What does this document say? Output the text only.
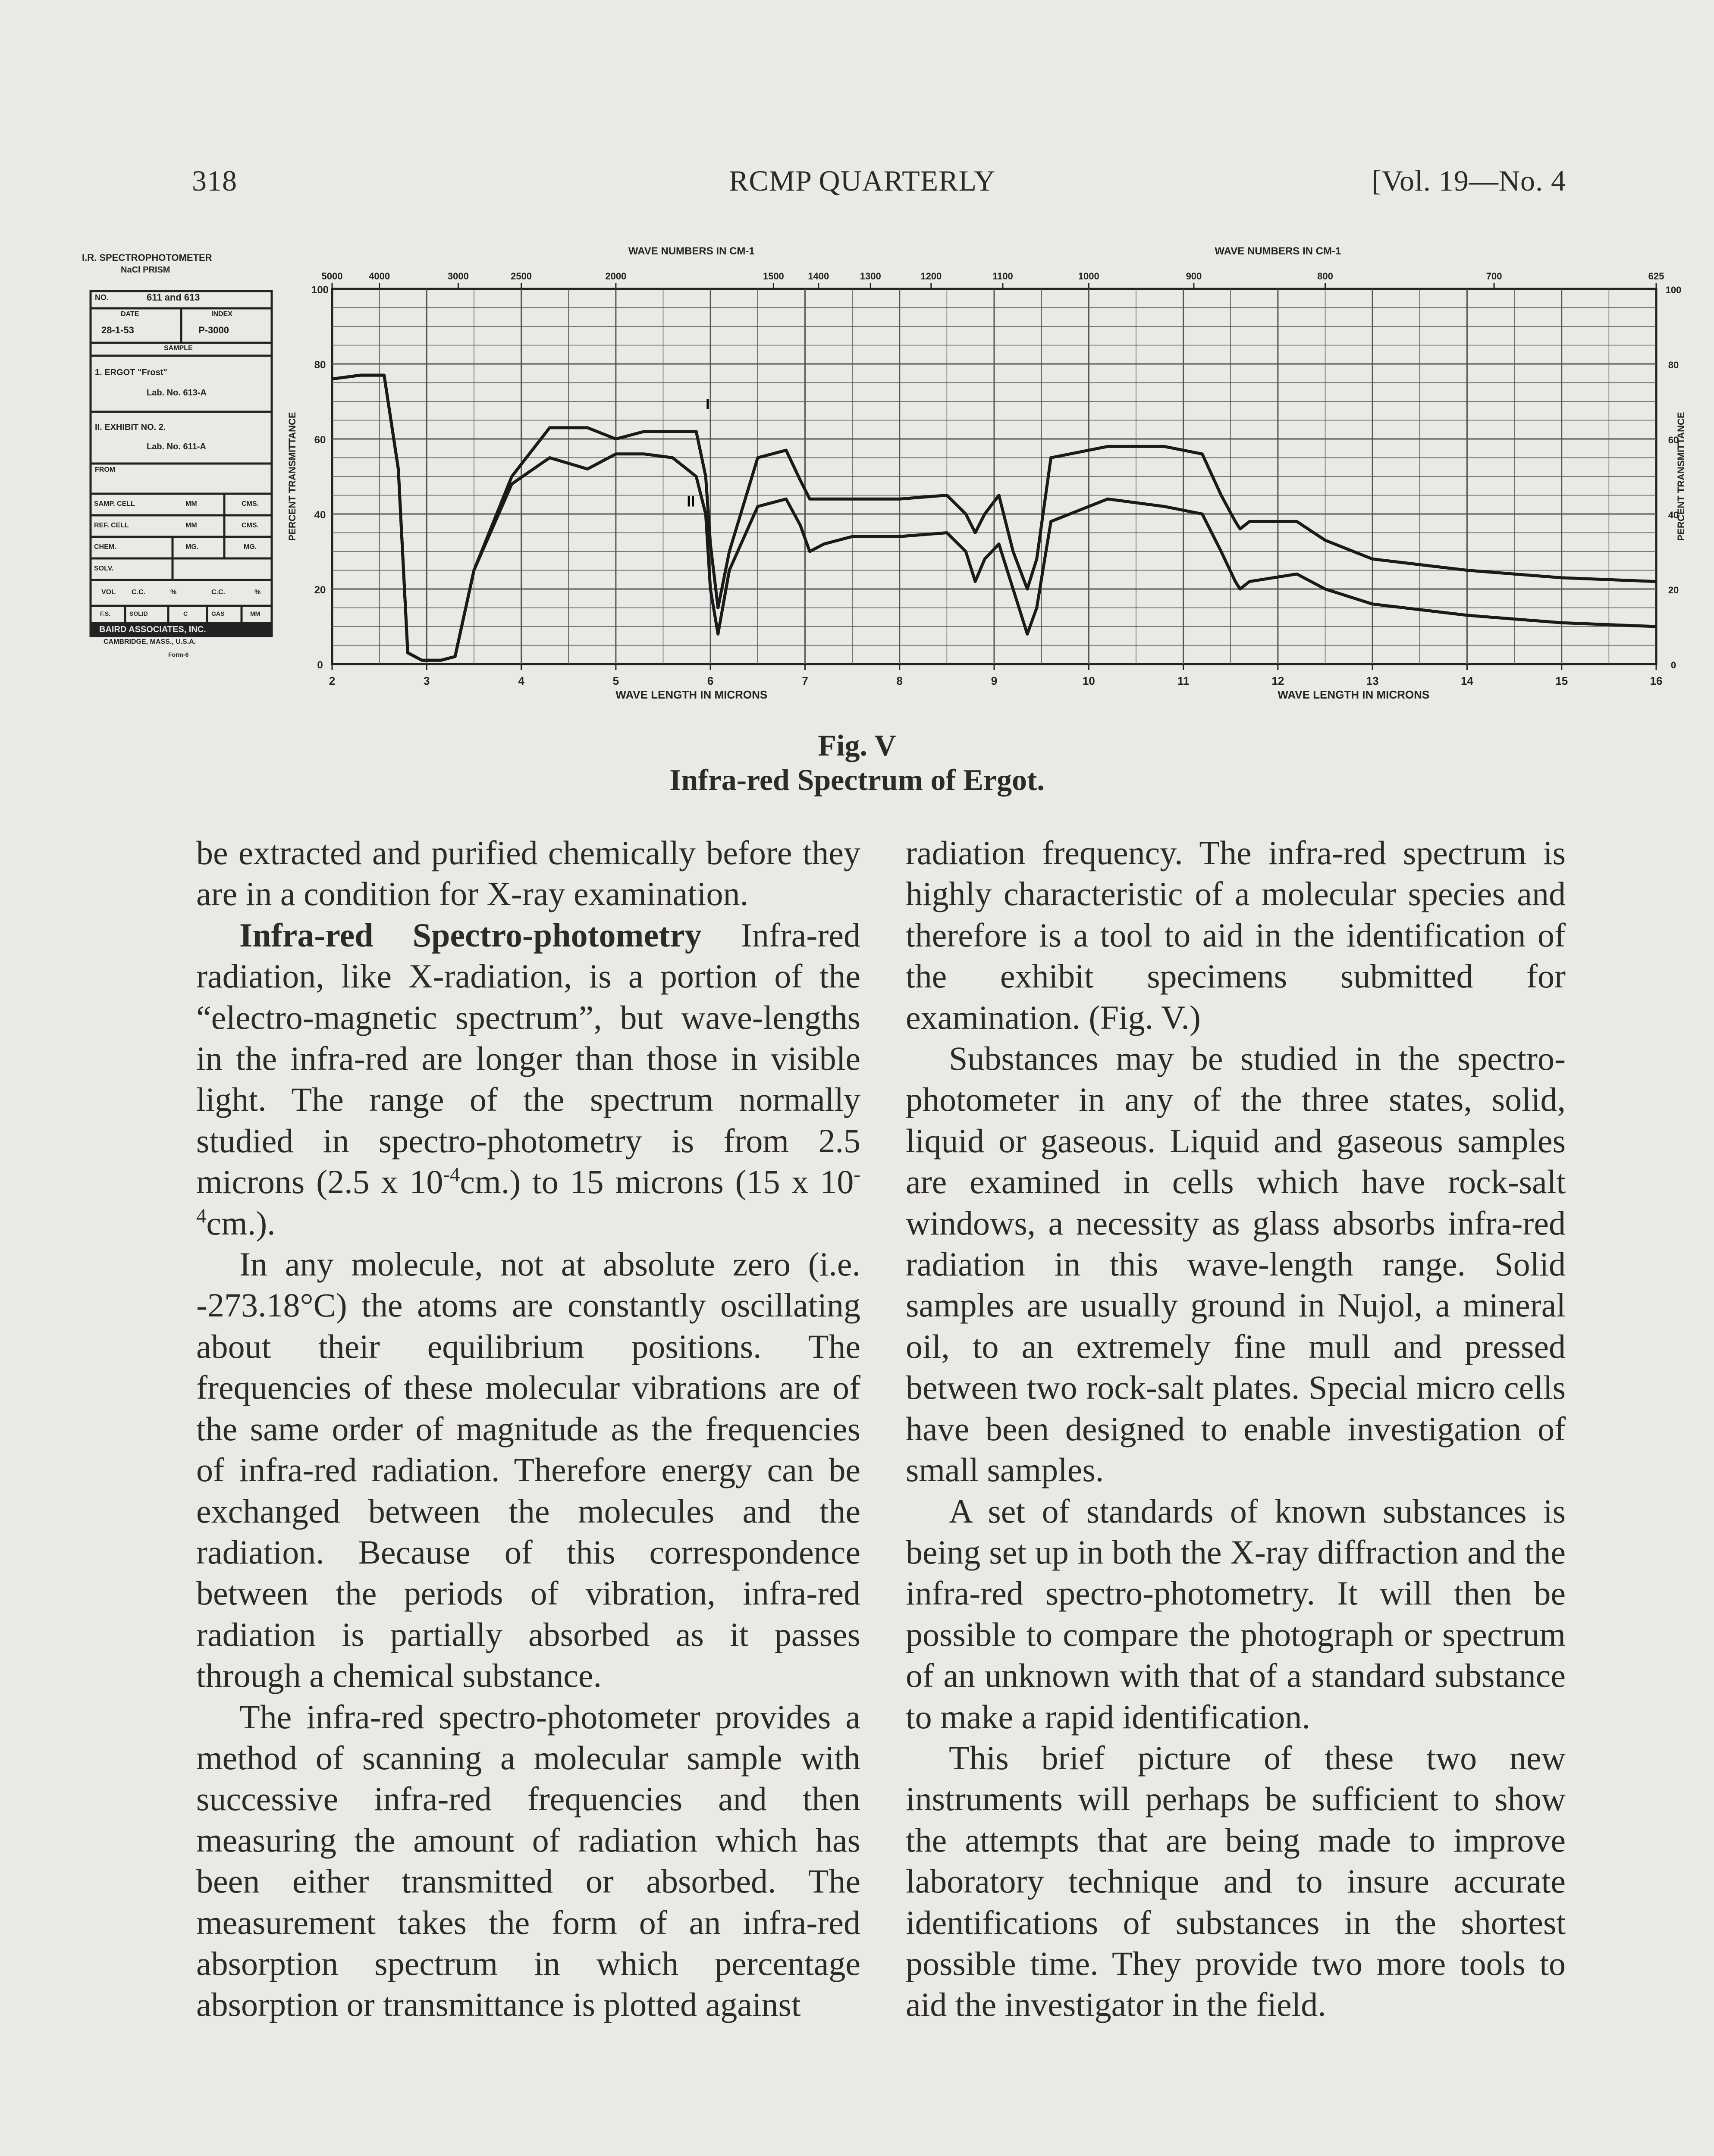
318	RCMP QUARTERLY	[Vol. 19—No. 4
I.R. SPECTROPHOTOMETER
NaCl PRISM
NO.	611 and 613
DATE	INDEX
28-1-53	P-3000
SAMPLE
1. ERGOT "Frost"
Lab. No. 613-A
II. EXHIBIT NO. 2.
Lab. No. 611-A
FROM
SAMP. CELL	MM	CMS.
REF. CELL	MM	CMS.
CHEM.	MG.	MG.
SOLV.
VOL C.C.	%	C.C.	%
F.S.	SOLID	C	GAS	MM
BAIRD ASSOCIATES, INC.
CAMBRIDGE, MASS., U.S.A.
Form-6
2	3	4	5	6	7	8	9	10	11	12	13	14	15	16
0	0
20	20
40	40
60	60
80	80
100	100
PERCENT TRANSMITTANCE	PERCENT TRANSMITTANCE
WAVE LENGTH IN MICRONS	WAVE LENGTH IN MICRONS
WAVE NUMBERS IN CM-1	WAVE NUMBERS IN CM-1
5000	4000	3000	2500	2000	1500	1400	1300	1200	1100	1000	900	800	700	625
I
II
Fig. V
Infra-red Spectrum of Ergot.

be extracted and purified chemically before they are in a condition for X-ray examination.

Infra-red Spectro-photometry Infra-red radiation, like X-radiation, is a portion of the “electro-magnetic spectrum”, but wave-lengths in the infra-red are longer than those in visible light. The range of the spectrum normally studied in spectro-photometry is from 2.5 microns (2.5 x $10^{-4}cm$.) to 15 microns (15 x $10^{-4}cm$.).

In any molecule, not at absolute zero (i.e. -273.18°C) the atoms are constantly oscillating about their equilibrium positions. The frequencies of these molecular vibrations are of the same order of magnitude as the frequencies of infra-red radiation. Therefore energy can be exchanged between the molecules and the radiation. Because of this correspondence between the periods of vibration, infra-red radiation is partially absorbed as it passes through a chemical substance.

The infra-red spectro-photometer provides a method of scanning a molecular sample with successive infra-red frequencies and then measuring the amount of radiation which has been either transmitted or absorbed. The measurement takes the form of an infra-red absorption spectrum in which percentage absorption or transmittance is plotted against

radiation frequency. The infra-red spectrum is highly characteristic of a molecular species and therefore is a tool to aid in the identification of the exhibit specimens submitted for examination. (Fig. V.)

Substances may be studied in the spectro-photometer in any of the three states, solid, liquid or gaseous. Liquid and gaseous samples are examined in cells which have rock-salt windows, a necessity as glass absorbs infra-red radiation in this wave-length range. Solid samples are usually ground in Nujol, a mineral oil, to an extremely fine mull and pressed between two rock-salt plates. Special micro cells have been designed to enable investigation of small samples.

A set of standards of known substances is being set up in both the X-ray diffraction and the infra-red spectro-photometry. It will then be possible to compare the photograph or spectrum of an unknown with that of a standard substance to make a rapid identification.

This brief picture of these two new instruments will perhaps be sufficient to show the attempts that are being made to improve laboratory technique and to insure accurate identifications of substances in the shortest possible time. They provide two more tools to aid the investigator in the field.
